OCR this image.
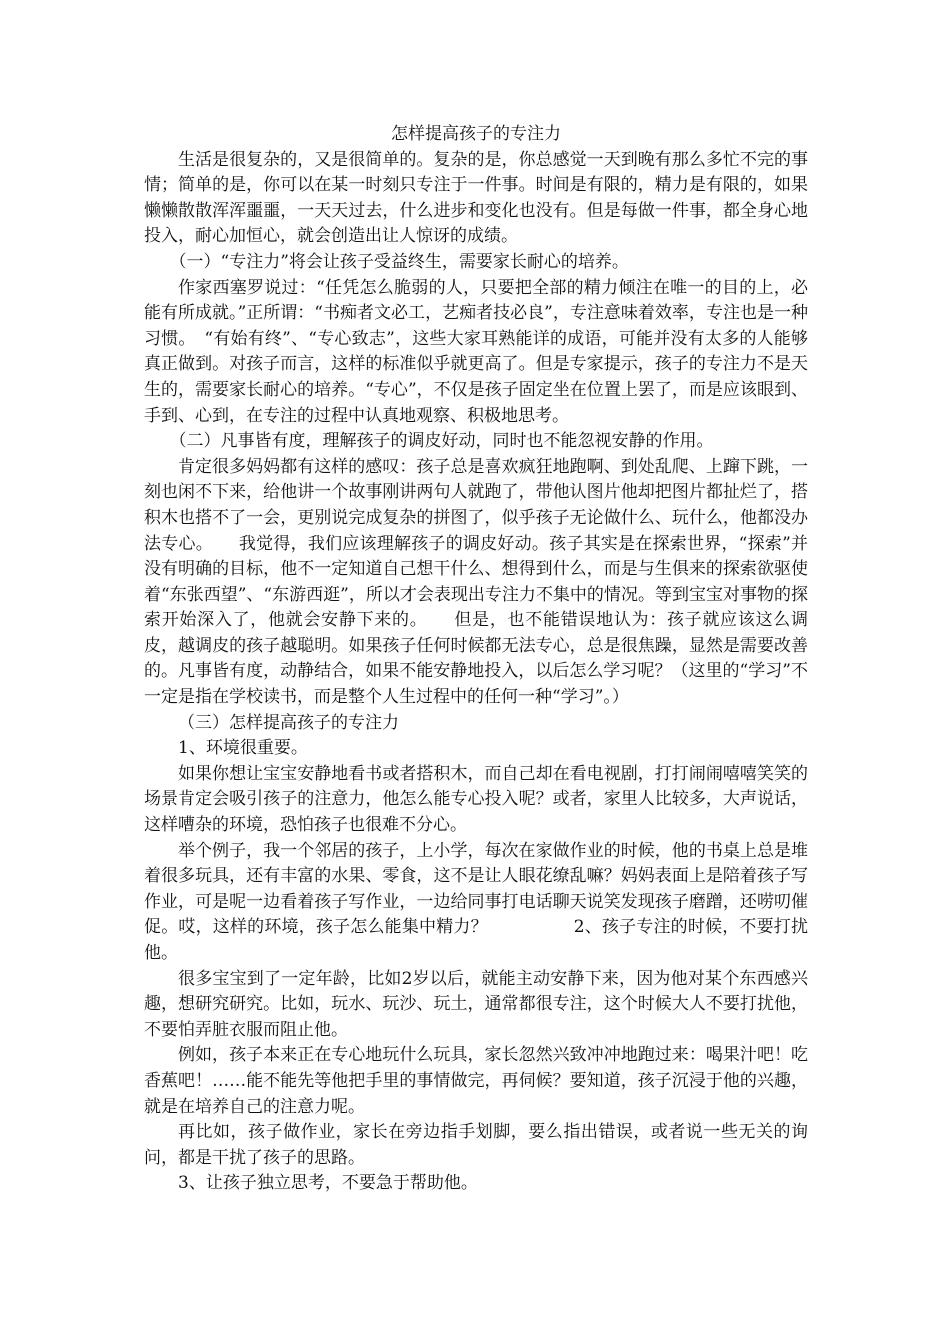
怎样提高孩子的专注力

生活是很复杂的，又是很简单的。复杂的是，你总感觉一天到晚有那么多忙不完的事情；简单的是，你可以在某一时刻只专注于一件事。时间是有限的，精力是有限的，如果懒懒散散浑浑噩噩，一天天过去，什么进步和变化也没有。但是每做一件事，都全身心地投入，耐心加恒心，就会创造出让人惊讶的成绩。

（一）“专注力”将会让孩子受益终生，需要家长耐心的培养。

作家西塞罗说过：“任凭怎么脆弱的人，只要把全部的精力倾注在唯一的目的上，必能有所成就。”正所谓：“书痴者文必工，艺痴者技必良”，专注意味着效率，专注也是一种习惯。　“有始有终”、“专心致志”，这些大家耳熟能详的成语，可能并没有太多的人能够真正做到。对孩子而言，这样的标准似乎就更高了。但是专家提示，孩子的专注力不是天生的，需要家长耐心的培养。“专心”，不仅是孩子固定坐在位置上罢了，而是应该眼到、手到、心到，在专注的过程中认真地观察、积极地思考。

（二）凡事皆有度，理解孩子的调皮好动，同时也不能忽视安静的作用。

肯定很多妈妈都有这样的感叹：孩子总是喜欢疯狂地跑啊、到处乱爬、上蹿下跳，一刻也闲不下来，给他讲一个故事刚讲两句人就跑了，带他认图片他却把图片都扯烂了，搭积木也搭不了一会，更别说完成复杂的拼图了，似乎孩子无论做什么、玩什么，他都没办法专心。　　我觉得，我们应该理解孩子的调皮好动。孩子其实是在探索世界，“探索”并没有明确的目标，他不一定知道自己想干什么、想得到什么，而是与生俱来的探索欲驱使着“东张西望”、“东游西逛”，所以才会表现出专注力不集中的情况。等到宝宝对事物的探索开始深入了，他就会安静下来的。　　但是，也不能错误地认为：孩子就应该这么调皮，越调皮的孩子越聪明。如果孩子任何时候都无法专心，总是很焦躁，显然是需要改善的。凡事皆有度，动静结合，如果不能安静地投入，以后怎么学习呢？（这里的“学习”不一定是指在学校读书，而是整个人生过程中的任何一种“学习”。）

（三）怎样提高孩子的专注力

1、环境很重要。

如果你想让宝宝安静地看书或者搭积木，而自己却在看电视剧，打打闹闹嘻嘻笑笑的场景肯定会吸引孩子的注意力，他怎么能专心投入呢？或者，家里人比较多，大声说话，这样嘈杂的环境，恐怕孩子也很难不分心。

举个例子，我一个邻居的孩子，上小学，每次在家做作业的时候，他的书桌上总是堆着很多玩具，还有丰富的水果、零食，这不是让人眼花缭乱嘛？妈妈表面上是陪着孩子写作业，可是呢一边看着孩子写作业，一边给同事打电话聊天说笑发现孩子磨蹭，还唠叨催促。哎，这样的环境，孩子怎么能集中精力？　　　　　2、孩子专注的时候，不要打扰他。

很多宝宝到了一定年龄，比如2岁以后，就能主动安静下来，因为他对某个东西感兴趣，想研究研究。比如，玩水、玩沙、玩土，通常都很专注，这个时候大人不要打扰他，不要怕弄脏衣服而阻止他。

例如，孩子本来正在专心地玩什么玩具，家长忽然兴致冲冲地跑过来：喝果汁吧！吃香蕉吧！……能不能先等他把手里的事情做完，再伺候？要知道，孩子沉浸于他的兴趣，就是在培养自己的注意力呢。

再比如，孩子做作业，家长在旁边指手划脚，要么指出错误，或者说一些无关的询问，都是干扰了孩子的思路。

3、让孩子独立思考，不要急于帮助他。
